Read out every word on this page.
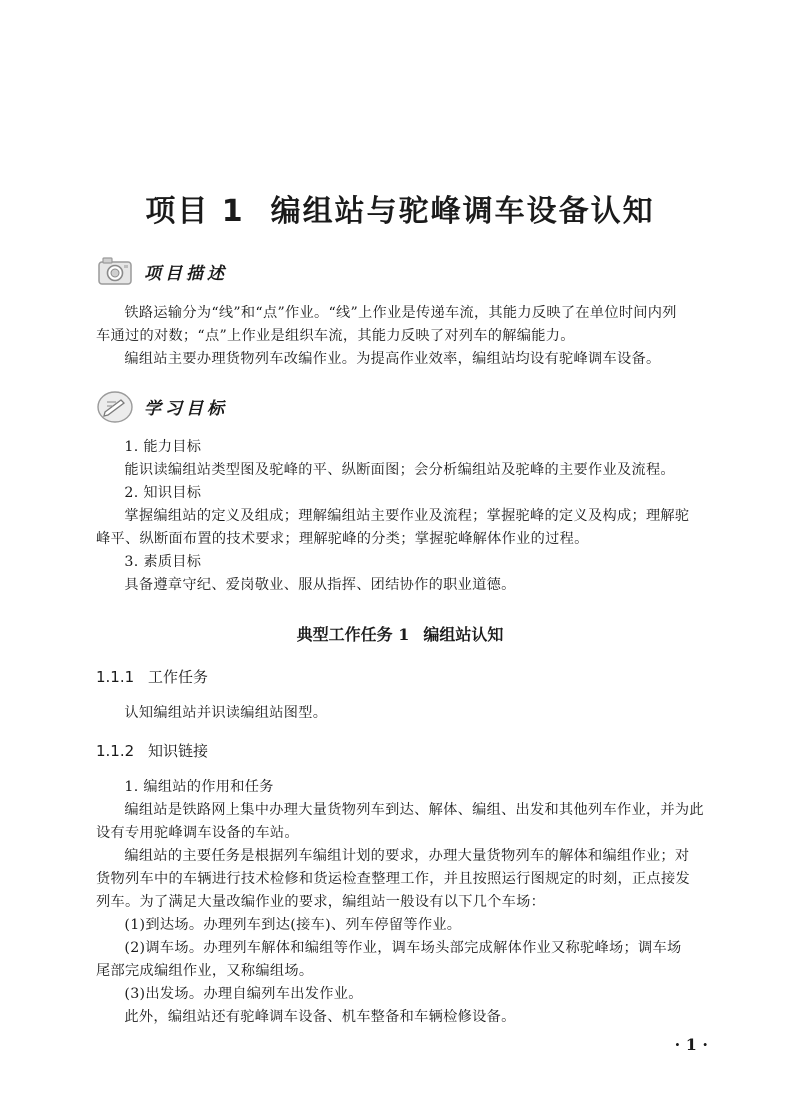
项目 1 编组站与驼峰调车设备认知
项目描述
铁路运输分为“线”和“点”作业。“线”上作业是传递车流，其能力反映了在单位时间内列
车通过的对数；“点”上作业是组织车流，其能力反映了对列车的解编能力。
编组站主要办理货物列车改编作业。为提高作业效率，编组站均设有驼峰调车设备。
学习目标
1. 能力目标
能识读编组站类型图及驼峰的平、纵断面图；会分析编组站及驼峰的主要作业及流程。
2. 知识目标
掌握编组站的定义及组成；理解编组站主要作业及流程；掌握驼峰的定义及构成；理解驼
峰平、纵断面布置的技术要求；理解驼峰的分类；掌握驼峰解体作业的过程。
3. 素质目标
具备遵章守纪、爱岗敬业、服从指挥、团结协作的职业道德。
典型工作任务 1 编组站认知
1.1.1 工作任务
认知编组站并识读编组站图型。
1.1.2 知识链接
1. 编组站的作用和任务
编组站是铁路网上集中办理大量货物列车到达、解体、编组、出发和其他列车作业，并为此
设有专用驼峰调车设备的车站。
编组站的主要任务是根据列车编组计划的要求，办理大量货物列车的解体和编组作业；对
货物列车中的车辆进行技术检修和货运检查整理工作，并且按照运行图规定的时刻，正点接发
列车。为了满足大量改编作业的要求，编组站一般设有以下几个车场：
(1)到达场。办理列车到达(接车)、列车停留等作业。
(2)调车场。办理列车解体和编组等作业，调车场头部完成解体作业又称驼峰场；调车场
尾部完成编组作业，又称编组场。
(3)出发场。办理自编列车出发作业。
此外，编组站还有驼峰调车设备、机车整备和车辆检修设备。
· 1 ·
